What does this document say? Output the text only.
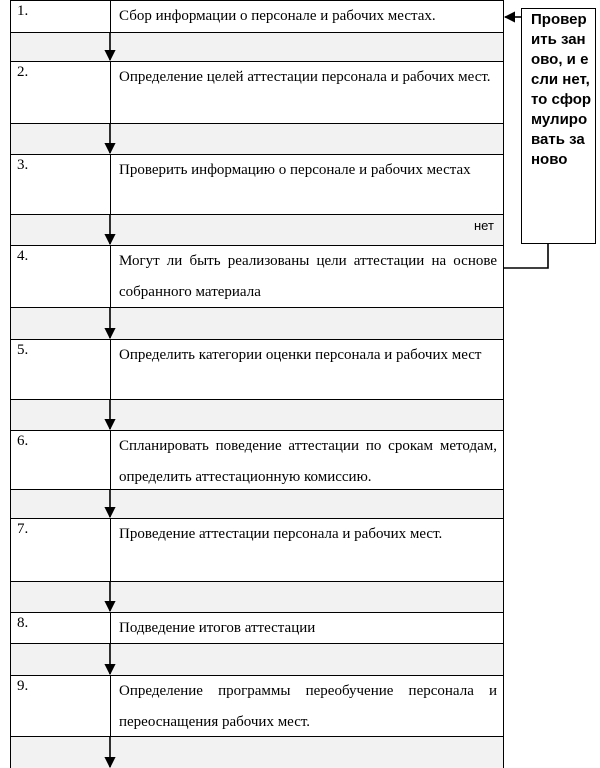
1.	Сбор информации о персонале и рабочих местах.
2.	Определение целей аттестации персонала и рабочих мест.
3.	Проверить информацию о персонале и рабочих местах
4.	Могут ли быть реализованы цели аттестации на основе собранного материала
5.	Определить категории оценки персонала и рабочих мест
6.	Спланировать поведение аттестации по срокам методам, определить аттестационную комиссию.
7.	Проведение аттестации персонала и рабочих мест.
8.	Подведение итогов аттестации
9.	Определение программы переобучение персонала и переоснащения рабочих мест.
Проверить заново, и если нет, то сформулировать заново
нет
